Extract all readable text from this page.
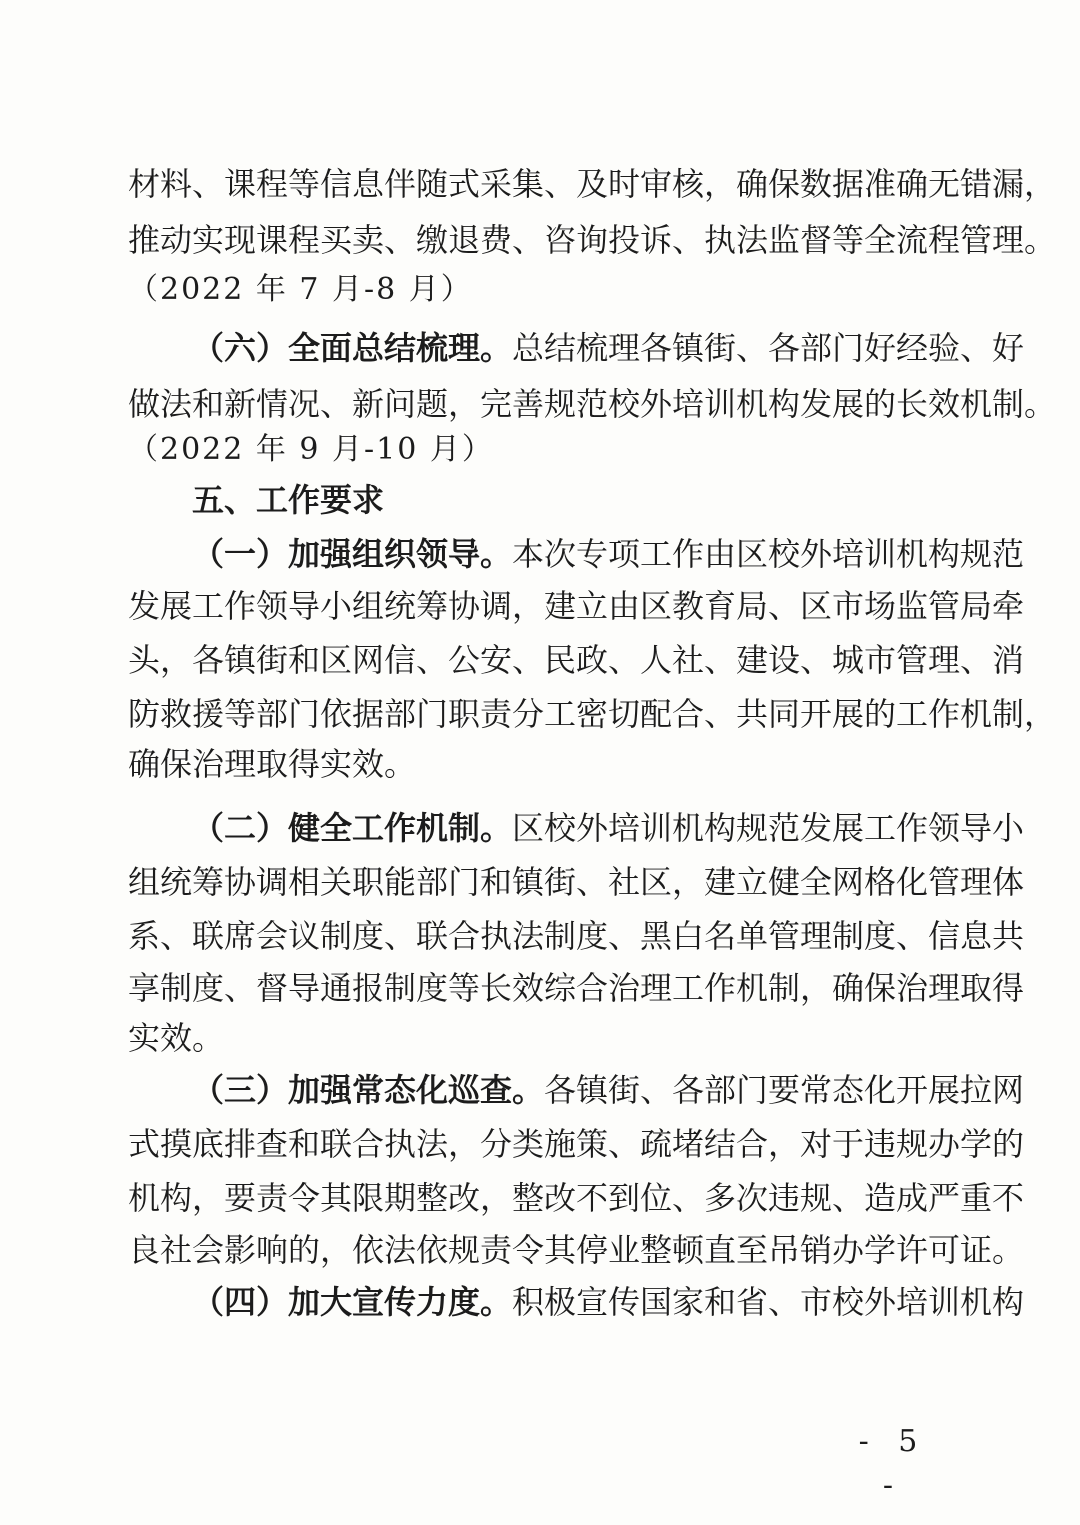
材料、课程等信息伴随式采集、及时审核，确保数据准确无错漏，
推动实现课程买卖、缴退费、咨询投诉、执法监督等全流程管理。
（2022 年 7 月-8 月）
（六）全面总结梳理。总结梳理各镇街、各部门好经验、好
做法和新情况、新问题，完善规范校外培训机构发展的长效机制。
（2022 年 9 月-10 月）
五、工作要求
（一）加强组织领导。本次专项工作由区校外培训机构规范
发展工作领导小组统筹协调，建立由区教育局、区市场监管局牵
头，各镇街和区网信、公安、民政、人社、建设、城市管理、消
防救援等部门依据部门职责分工密切配合、共同开展的工作机制，
确保治理取得实效。
（二）健全工作机制。区校外培训机构规范发展工作领导小
组统筹协调相关职能部门和镇街、社区，建立健全网格化管理体
系、联席会议制度、联合执法制度、黑白名单管理制度、信息共
享制度、督导通报制度等长效综合治理工作机制，确保治理取得
实效。
（三）加强常态化巡查。各镇街、各部门要常态化开展拉网
式摸底排查和联合执法，分类施策、疏堵结合，对于违规办学的
机构，要责令其限期整改，整改不到位、多次违规、造成严重不
良社会影响的，依法依规责令其停业整顿直至吊销办学许可证。
（四）加大宣传力度。积极宣传国家和省、市校外培训机构
- 5 -
